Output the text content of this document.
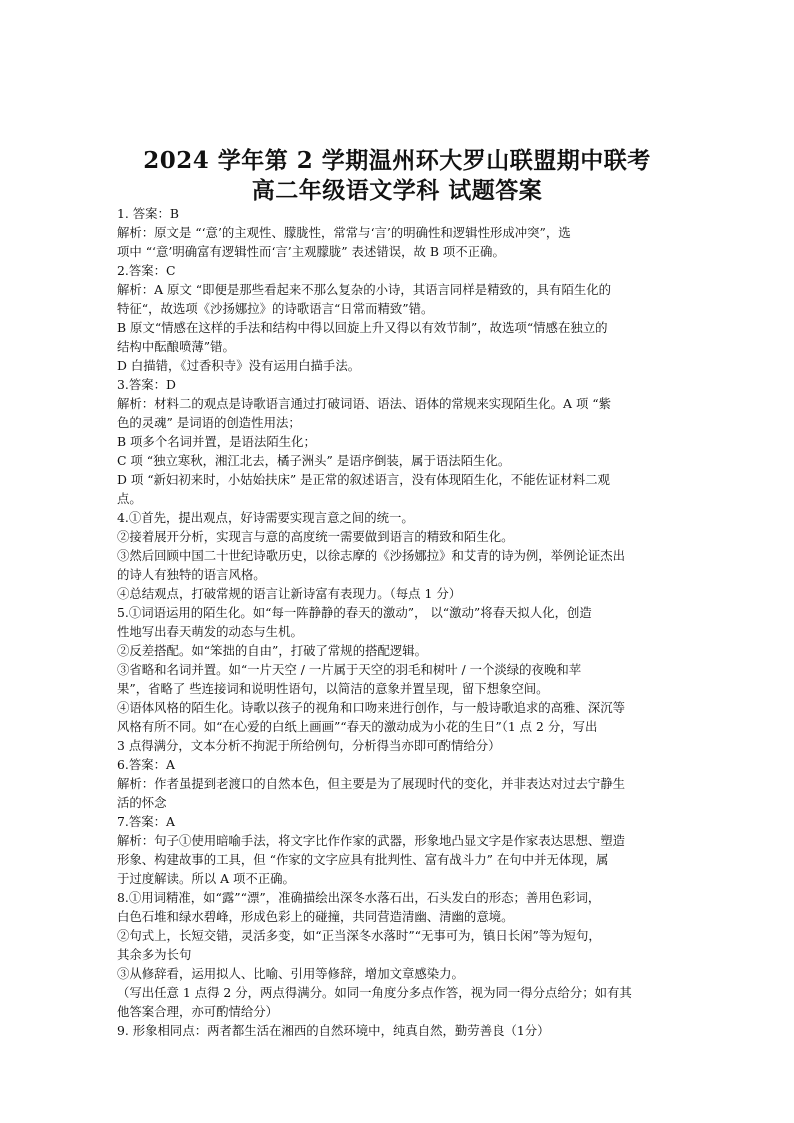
2024 学年第 2 学期温州环大罗山联盟期中联考
高二年级语文学科 试题答案
1. 答案：B
解析：原文是 “‘意’的主观性、朦胧性，常常与‘言’的明确性和逻辑性形成冲突”，选
项中 “‘意’明确富有逻辑性而‘言’主观朦胧” 表述错误，故 B 项不正确。
2.答案：C
解析：A 原文 “即便是那些看起来不那么复杂的小诗，其语言同样是精致的，具有陌生化的
特征“，故选项《沙扬娜拉》的诗歌语言“日常而精致”错。
B 原文“情感在这样的手法和结构中得以回旋上升又得以有效节制”，故选项“情感在独立的
结构中酝酿喷薄”错。
D 白描错，《过香积寺》没有运用白描手法。
3.答案：D
解析：材料二的观点是诗歌语言通过打破词语、语法、语体的常规来实现陌生化。A 项 “紫
色的灵魂” 是词语的创造性用法；
B 项多个名词并置，是语法陌生化；
C 项 “独立寒秋，湘江北去，橘子洲头” 是语序倒装，属于语法陌生化。
D 项 “新妇初来时，小姑始扶床” 是正常的叙述语言，没有体现陌生化，不能佐证材料二观
点。
4.①首先，提出观点，好诗需要实现言意之间的统一。
②接着展开分析，实现言与意的高度统一需要做到语言的精致和陌生化。
③然后回顾中国二十世纪诗歌历史，以徐志摩的《沙扬娜拉》和艾青的诗为例，举例论证杰出
的诗人有独特的语言风格。
④总结观点，打破常规的语言让新诗富有表现力。（每点 1 分）
5.①词语运用的陌生化。如“每一阵静静的春天的激动”， 以“激动”将春天拟人化，创造
性地写出春天萌发的动态与生机。
②反差搭配。如“笨拙的自由”，打破了常规的搭配逻辑。
③省略和名词并置。如“一片天空 / 一片属于天空的羽毛和树叶 / 一个淡绿的夜晚和苹
果”，省略了 些连接词和说明性语句，以简洁的意象并置呈现，留下想象空间。
④语体风格的陌生化。诗歌以孩子的视角和口吻来进行创作，与一般诗歌追求的高雅、深沉等
风格有所不同。如“在心爱的白纸上画画”“春天的激动成为小花的生日”（1 点 2 分，写出
3 点得满分，文本分析不拘泥于所给例句，分析得当亦即可酌情给分）
6.答案：A
解析：作者虽提到老渡口的自然本色，但主要是为了展现时代的变化，并非表达对过去宁静生
活的怀念
7.答案：A
解析：句子①使用暗喻手法，将文字比作作家的武器，形象地凸显文字是作家表达思想、塑造
形象、构建故事的工具，但 “作家的文字应具有批判性、富有战斗力” 在句中并无体现，属
于过度解读。所以 A 项不正确。
8.①用词精准，如“露”“漂”，准确描绘出深冬水落石出，石头发白的形态；善用色彩词，
白色石堆和绿水碧峰，形成色彩上的碰撞，共同营造清幽、清幽的意境。
②句式上，长短交错，灵活多变，如“正当深冬水落时”“无事可为，镇日长闲”等为短句，
其余多为长句
③从修辞看，运用拟人、比喻、引用等修辞，增加文章感染力。
（写出任意 1 点得 2 分，两点得满分。如同一角度分多点作答，视为同一得分点给分；如有其
他答案合理，亦可酌情给分）
9. 形象相同点：两者都生活在湘西的自然环境中，纯真自然，勤劳善良（1分）
